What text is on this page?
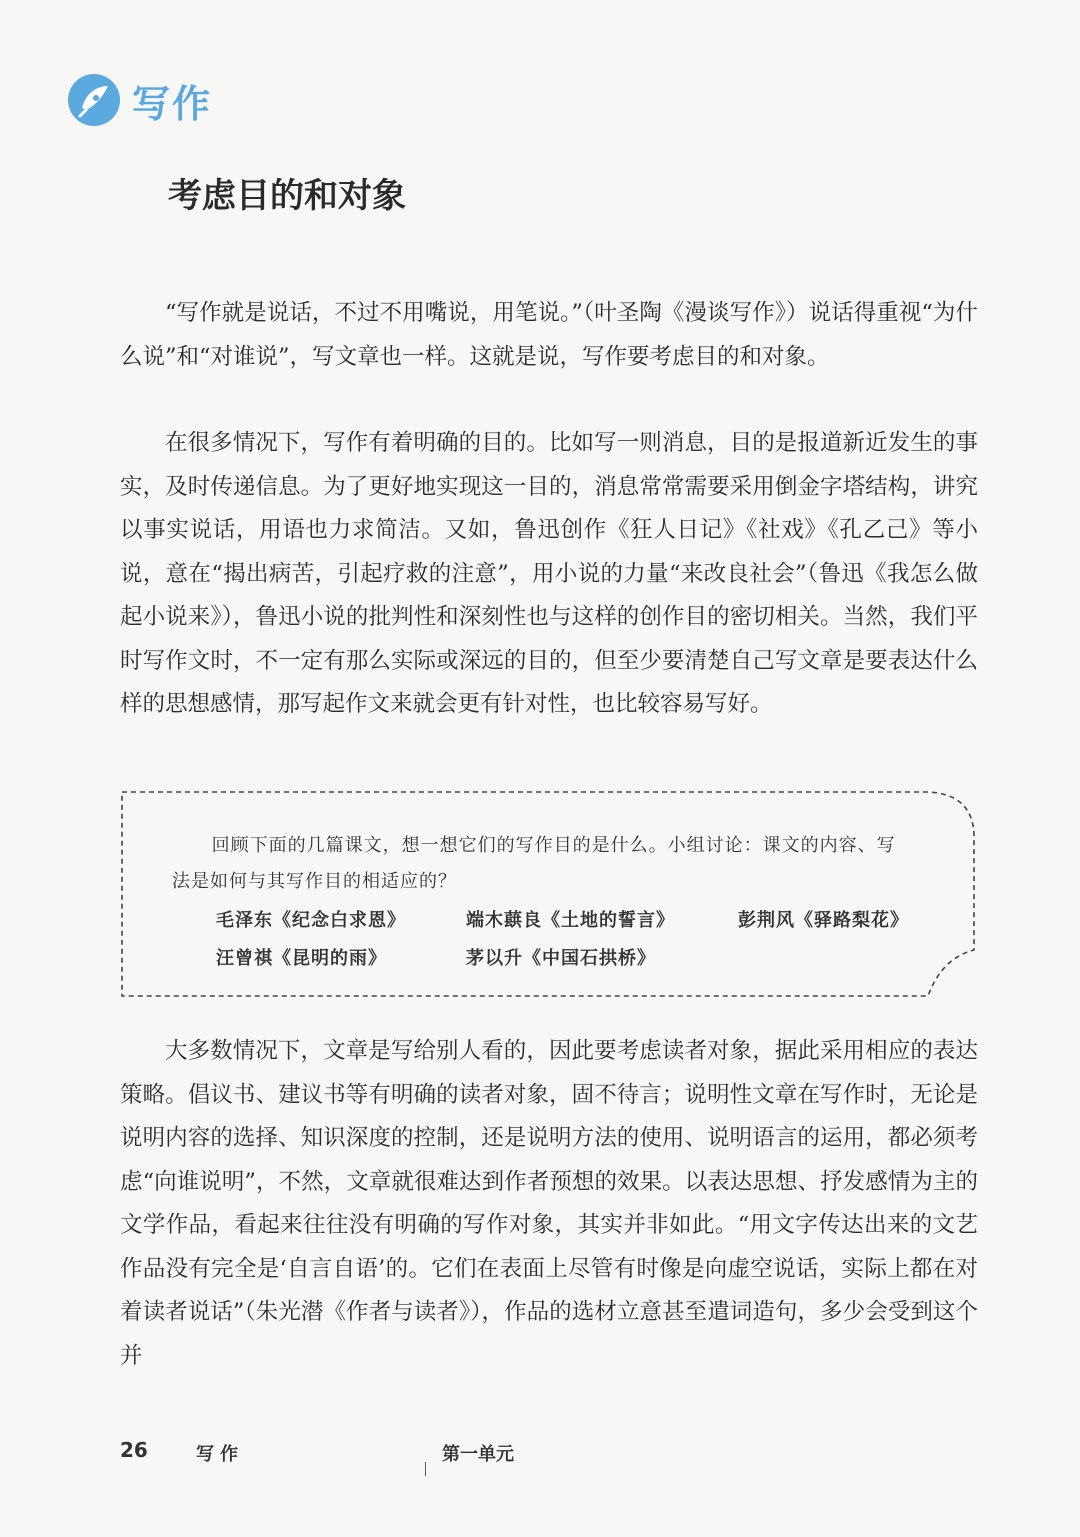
写作
考虑目的和对象

“写作就是说话，不过不用嘴说，用笔说。”（叶圣陶《漫谈写作》）说话得重视“为什么说”和“对谁说”，写文章也一样。这就是说，写作要考虑目的和对象。

在很多情况下，写作有着明确的目的。比如写一则消息，目的是报道新近发生的事实，及时传递信息。为了更好地实现这一目的，消息常常需要采用倒金字塔结构，讲究以事实说话，用语也力求简洁。又如，鲁迅创作《狂人日记》《社戏》《孔乙己》等小说，意在“揭出病苦，引起疗救的注意”，用小说的力量“来改良社会”（鲁迅《我怎么做起小说来》），鲁迅小说的批判性和深刻性也与这样的创作目的密切相关。当然，我们平时写作文时，不一定有那么实际或深远的目的，但至少要清楚自己写文章是要表达什么样的思想感情，那写起作文来就会更有针对性，也比较容易写好。

回顾下面的几篇课文，想一想它们的写作目的是什么。小组讨论：课文的内容、写法是如何与其写作目的相适应的？

毛泽东《纪念白求恩》	端木蕻良《土地的誓言》	彭荆风《驿路梨花》
汪曾祺《昆明的雨》	茅以升《中国石拱桥》

大多数情况下，文章是写给别人看的，因此要考虑读者对象，据此采用相应的表达策略。倡议书、建议书等有明确的读者对象，固不待言；说明性文章在写作时，无论是说明内容的选择、知识深度的控制，还是说明方法的使用、说明语言的运用，都必须考虑“向谁说明”，不然，文章就很难达到作者预想的效果。以表达思想、抒发感情为主的文学作品，看起来往往没有明确的写作对象，其实并非如此。“用文字传达出来的文艺作品没有完全是‘自言自语’的。它们在表面上尽管有时像是向虚空说话，实际上都在对着读者说话”（朱光潜《作者与读者》），作品的选材立意甚至遣词造句，多少会受到这个并

26	写作	第一单元
